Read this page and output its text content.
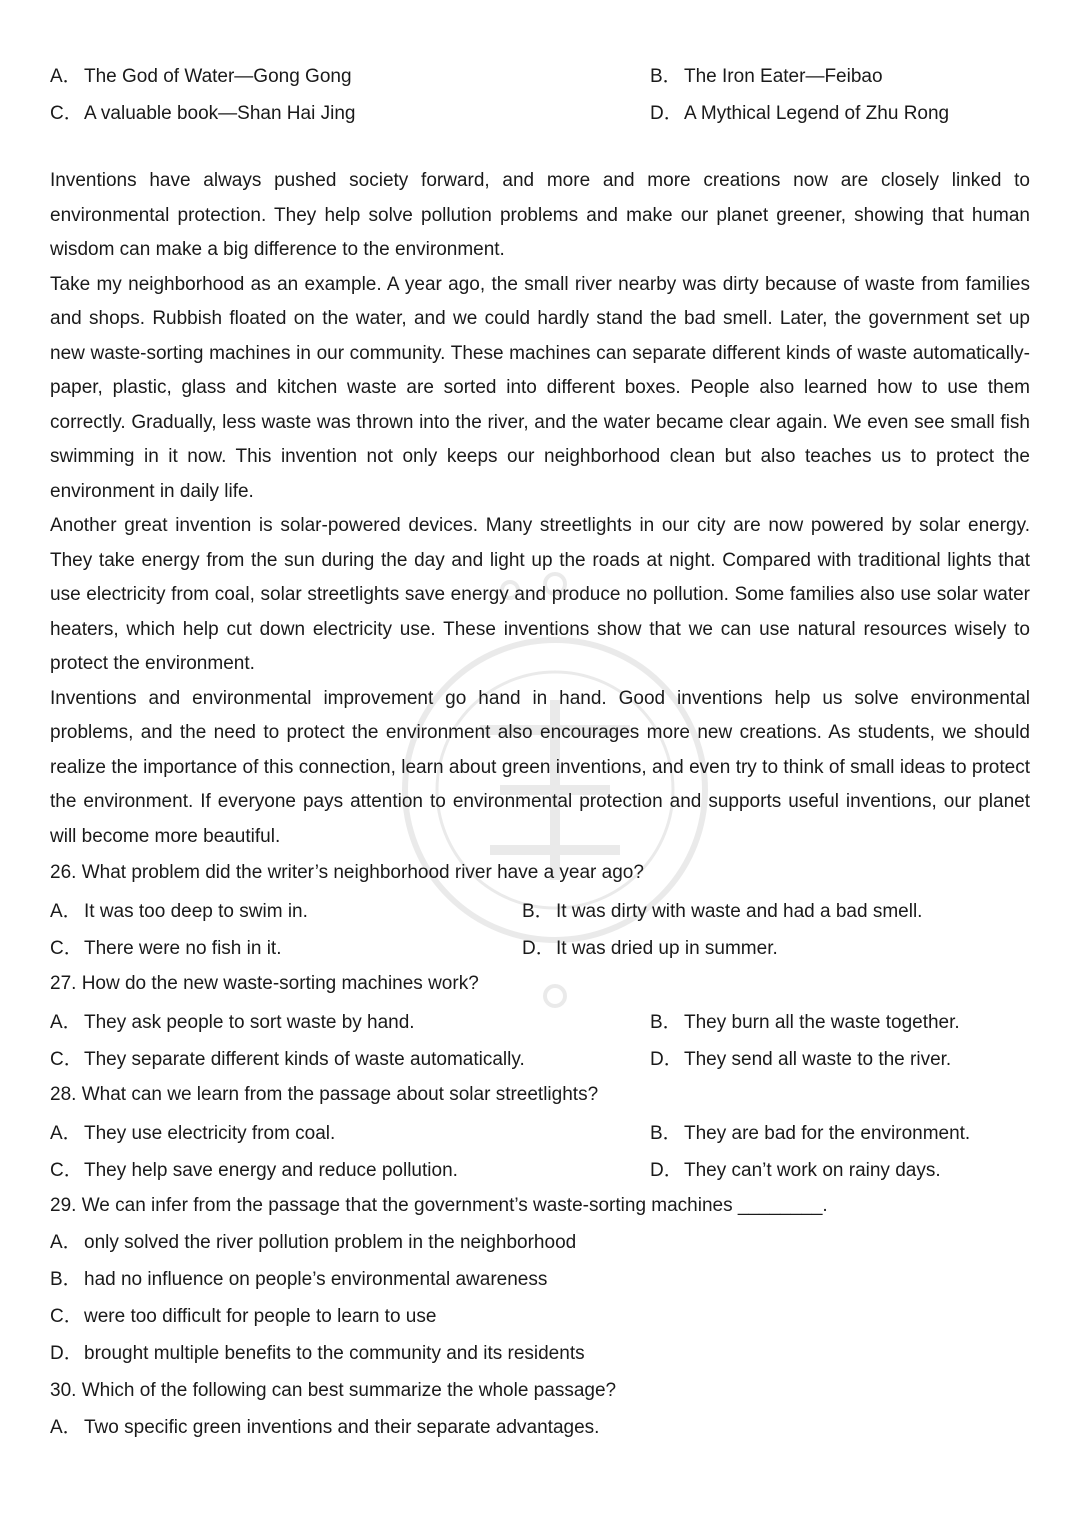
A． The God of Water—Gong Gong	B． The Iron Eater—Feibao
C．A valuable book—Shan Hai Jing	D．A Mythical Legend of Zhu Rong

Inventions have always pushed society forward, and more and more creations now are closely linked to environmental protection. They help solve pollution problems and make our planet greener, showing that human wisdom can make a big difference to the environment.

Take my neighborhood as an example. A year ago, the small river nearby was dirty because of waste from families and shops. Rubbish floated on the water, and we could hardly stand the bad smell. Later, the government set up new waste-sorting machines in our community. These machines can separate different kinds of waste automatically-paper, plastic, glass and kitchen waste are sorted into different boxes. People also learned how to use them correctly. Gradually, less waste was thrown into the river, and the water became clear again. We even see small fish swimming in it now. This invention not only keeps our neighborhood clean but also teaches us to protect the environment in daily life.

Another great invention is solar-powered devices. Many streetlights in our city are now powered by solar energy. They take energy from the sun during the day and light up the roads at night. Compared with traditional lights that use electricity from coal, solar streetlights save energy and produce no pollution. Some families also use solar water heaters, which help cut down electricity use. These inventions show that we can use natural resources wisely to protect the environment.

Inventions and environmental improvement go hand in hand. Good inventions help us solve environmental problems, and the need to protect the environment also encourages more new creations. As students, we should realize the importance of this connection, learn about green inventions, and even try to think of small ideas to protect the environment. If everyone pays attention to environmental protection and supports useful inventions, our planet will become more beautiful.

26. What problem did the writer’s neighborhood river have a year ago?
A． It was too deep to swim in.	B． It was dirty with waste and had a bad smell.
C．There were no fish in it.	D．It was dried up in summer.
27. How do the new waste-sorting machines work?
A． They ask people to sort waste by hand.	B． They burn all the waste together.
C．They separate different kinds of waste automatically.	D．They send all waste to the river.
28. What can we learn from the passage about solar streetlights?
A． They use electricity from coal.	B． They are bad for the environment.
C．They help save energy and reduce pollution.	D．They can’t work on rainy days.
29. We can infer from the passage that the government’s waste-sorting machines ________.
A． only solved the river pollution problem in the neighborhood
B． had no influence on people’s environmental awareness
C．were too difficult for people to learn to use
D．brought multiple benefits to the community and its residents
30. Which of the following can best summarize the whole passage?
A． Two specific green inventions and their separate advantages.
